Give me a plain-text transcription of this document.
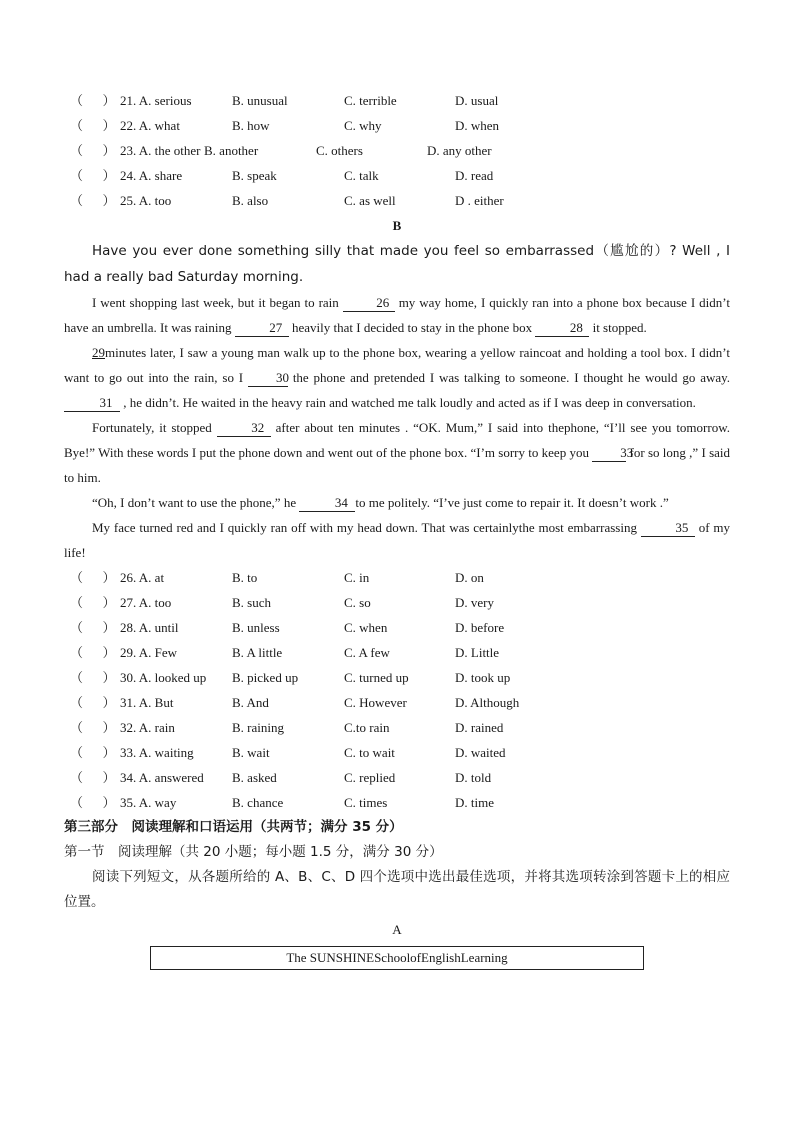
（ ） 21. A. serious	B. unusual	C. terrible	D. usual
（ ） 22. A. what	B. how	C. why	D. when
（ ） 23. A. the other B. another	C. others	D. any other
（ ） 24. A. share	B. speak	C. talk	D. read
（ ） 25. A. too	B. also	C. as well	D . either
B
Have you ever done something silly that made you feel so embarrassed（尴尬的）? Well , I had a really bad Saturday morning.
I went shopping last week, but it began to rain	26 my way home, I quickly ran into a phone box because I didn’t have an umbrella. It was raining	27 heavily that I decided to stay in the phone box	28 it stopped.
29minutes later, I saw a young man walk up to the phone box, wearing a yellow raincoat and holding a tool box. I didn’t want to go out into the rain, so I	30 the phone and pretended I was talking to someone. I thought he would go away. 31 , he didn’t. He waited in the heavy rain and watched me talk loudly and acted as if I was deep in conversation.
Fortunately, it stopped	32 after about ten minutes . “OK. Mum,” I said into thephone, “I’ll see you tomorrow. Bye!” With these words I put the phone down and went out of the phone box. “I’m sorry to keep you 33 for so long ,” I said to him.
“Oh, I don’t want to use the phone,” he	34 to me politely. “I’ve just come to repair it. It doesn’t work .”
My face turned red and I quickly ran off with my head down. That was certainlythe most embarrassing	35 of my life!
（ ） 26. A. at	B. to	C. in	D. on
（ ） 27. A. too	B. such	C. so	D. very
（ ） 28. A. until	B. unless	C. when	D. before
（ ） 29. A. Few	B. A little	C. A few	D. Little
（ ） 30. A. looked up B. picked up	C. turned up	D. took up
（ ） 31. A. But	B. And	C. However	D. Although
（ ） 32. A. rain	B. raining	C.to rain	D. rained
（ ） 33. A. waiting	B. wait	C. to wait	D. waited
（ ） 34. A. answered B. asked	C. replied	D. told
（ ） 35. A. way	B. chance	C. times	D. time
第三部分　阅读理解和口语运用（共两节；满分 35 分）
第一节　阅读理解（共 20 小题；每小题 1.5 分，满分 30 分）
阅读下列短文，从各题所给的 A、B、C、D 四个选项中选出最佳选项，并将其选项转涂到答题卡上的相应位置。
A
The SUNSHINESchoolofEnglishLearning
